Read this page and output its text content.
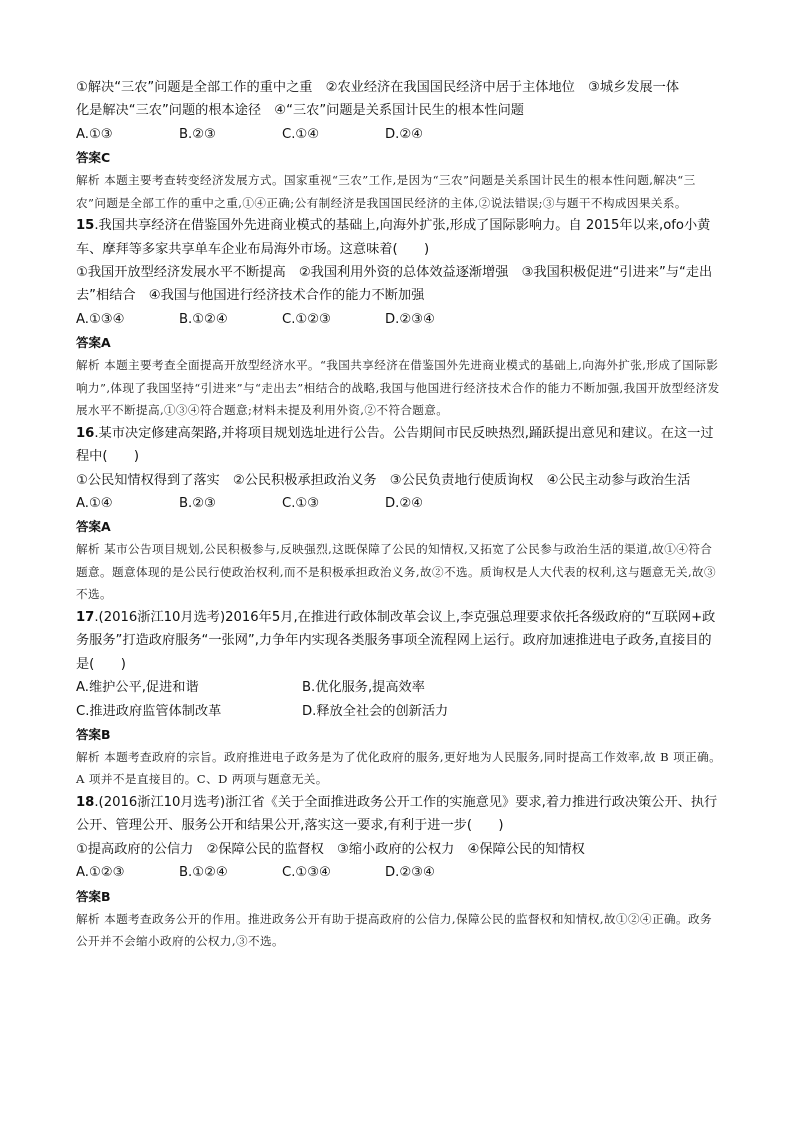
①解决“三农”问题是全部工作的重中之重　②农业经济在我国国民经济中居于主体地位　③城乡发展一体
化是解决“三农”问题的根本途径　④“三农”问题是关系国计民生的根本性问题
A.①③	B.②③	C.①④	D.②④
答案C
解析 本题主要考查转变经济发展方式。国家重视“三农”工作,是因为“三农”问题是关系国计民生的根本性问题,解决“三农”问题是全部工作的重中之重,①④正确;公有制经济是我国国民经济的主体,②说法错误;③与题干不构成因果关系。
15.我国共享经济在借鉴国外先进商业模式的基础上,向海外扩张,形成了国际影响力。自 2015年以来,ofo小黄车、摩拜等多家共享单车企业布局海外市场。这意味着(　　)
①我国开放型经济发展水平不断提高　②我国利用外资的总体效益逐渐增强　③我国积极促进“引进来”与“走出去”相结合　④我国与他国进行经济技术合作的能力不断加强
A.①③④	B.①②④	C.①②③	D.②③④
答案A
解析 本题主要考查全面提高开放型经济水平。“我国共享经济在借鉴国外先进商业模式的基础上,向海外扩张,形成了国际影响力”,体现了我国坚持“引进来”与“走出去”相结合的战略,我国与他国进行经济技术合作的能力不断加强,我国开放型经济发展水平不断提高,①③④符合题意;材料未提及利用外资,②不符合题意。
16.某市决定修建高架路,并将项目规划选址进行公告。公告期间市民反映热烈,踊跃提出意见和建议。在这一过程中(　　)
①公民知情权得到了落实　②公民积极承担政治义务　③公民负责地行使质询权　④公民主动参与政治生活
A.①④	B.②③	C.①③	D.②④
答案A
解析 某市公告项目规划,公民积极参与,反映强烈,这既保障了公民的知情权,又拓宽了公民参与政治生活的渠道,故①④符合题意。题意体现的是公民行使政治权利,而不是积极承担政治义务,故②不选。质询权是人大代表的权利,这与题意无关,故③不选。
17.(2016浙江10月选考)2016年5月,在推进行政体制改革会议上,李克强总理要求依托各级政府的“互联网+政务服务”打造政府服务“一张网”,力争年内实现各类服务事项全流程网上运行。政府加速推进电子政务,直接目的是(　　)
A.维护公平,促进和谐	B.优化服务,提高效率
C.推进政府监管体制改革	D.释放全社会的创新活力
答案B
解析 本题考查政府的宗旨。政府推进电子政务是为了优化政府的服务,更好地为人民服务,同时提高工作效率,故 B 项正确。A 项并不是直接目的。C、D 两项与题意无关。
18.(2016浙江10月选考)浙江省《关于全面推进政务公开工作的实施意见》要求,着力推进行政决策公开、执行公开、管理公开、服务公开和结果公开,落实这一要求,有利于进一步(　　)
①提高政府的公信力　②保障公民的监督权　③缩小政府的公权力　④保障公民的知情权
A.①②③	B.①②④	C.①③④	D.②③④
答案B
解析 本题考查政务公开的作用。推进政务公开有助于提高政府的公信力,保障公民的监督权和知情权,故①②④正确。政务公开并不会缩小政府的公权力,③不选。
